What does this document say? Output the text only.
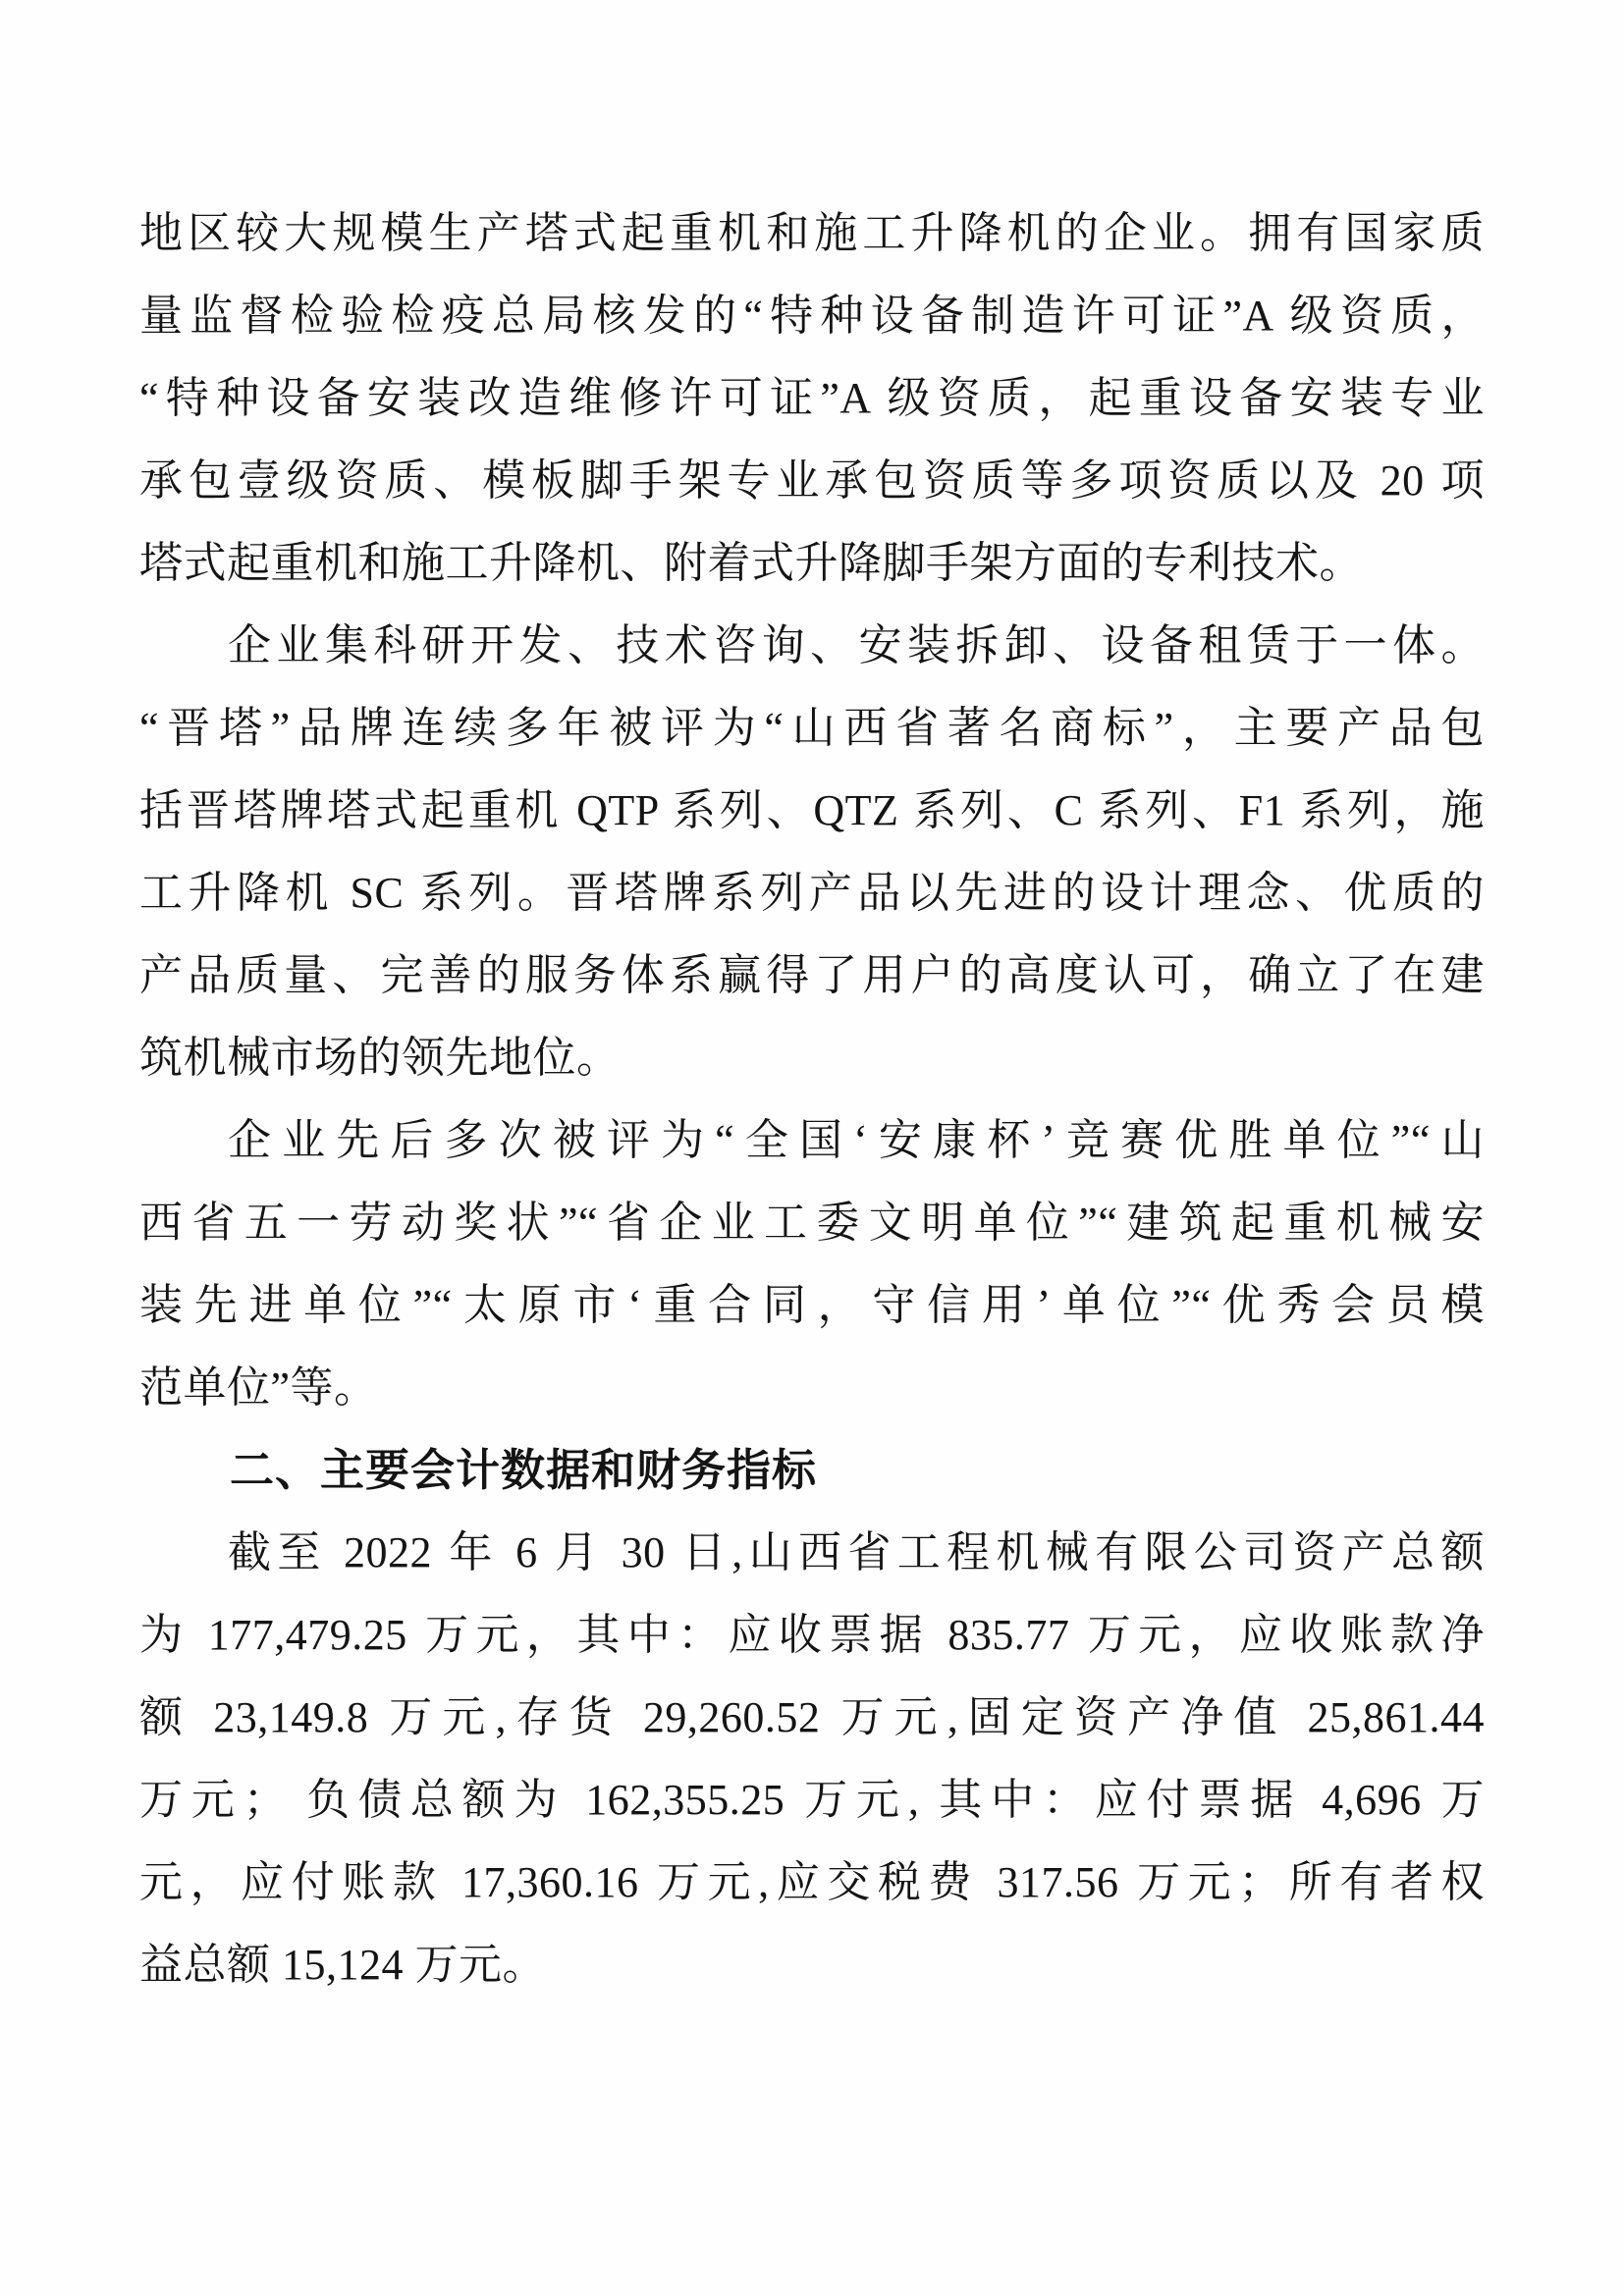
地区较大规模生产塔式起重机和施工升降机的企业。拥有国家质
量监督检验检疫总局核发的“特种设备制造许可证”A 级资质，
“特种设备安装改造维修许可证”A 级资质，起重设备安装专业
承包壹级资质、模板脚手架专业承包资质等多项资质以及 20 项
塔式起重机和施工升降机、附着式升降脚手架方面的专利技术。
企业集科研开发、技术咨询、安装拆卸、设备租赁于一体。
“晋塔”品牌连续多年被评为“山西省著名商标”，主要产品包
括晋塔牌塔式起重机 QTP 系列、QTZ 系列、C 系列、F1 系列，施
工升降机 SC 系列。晋塔牌系列产品以先进的设计理念、优质的
产品质量、完善的服务体系赢得了用户的高度认可，确立了在建
筑机械市场的领先地位。
企业先后多次被评为“全国‘安康杯’竞赛优胜单位”“山
西省五一劳动奖状”“省企业工委文明单位”“建筑起重机械安
装先进单位”“太原市‘重合同，守信用’单位”“优秀会员模
范单位”等。
二、主要会计数据和财务指标
截至 2022 年 6 月 30 日,山西省工程机械有限公司资产总额
为 177,479.25 万元，其中：应收票据 835.77 万元，应收账款净
额 23,149.8 万元,存货 29,260.52 万元,固定资产净值 25,861.44
万元； 负债总额为 162,355.25 万元, 其中：应付票据 4,696 万
元，应付账款 17,360.16 万元,应交税费 317.56 万元；所有者权
益总额 15,124 万元。
